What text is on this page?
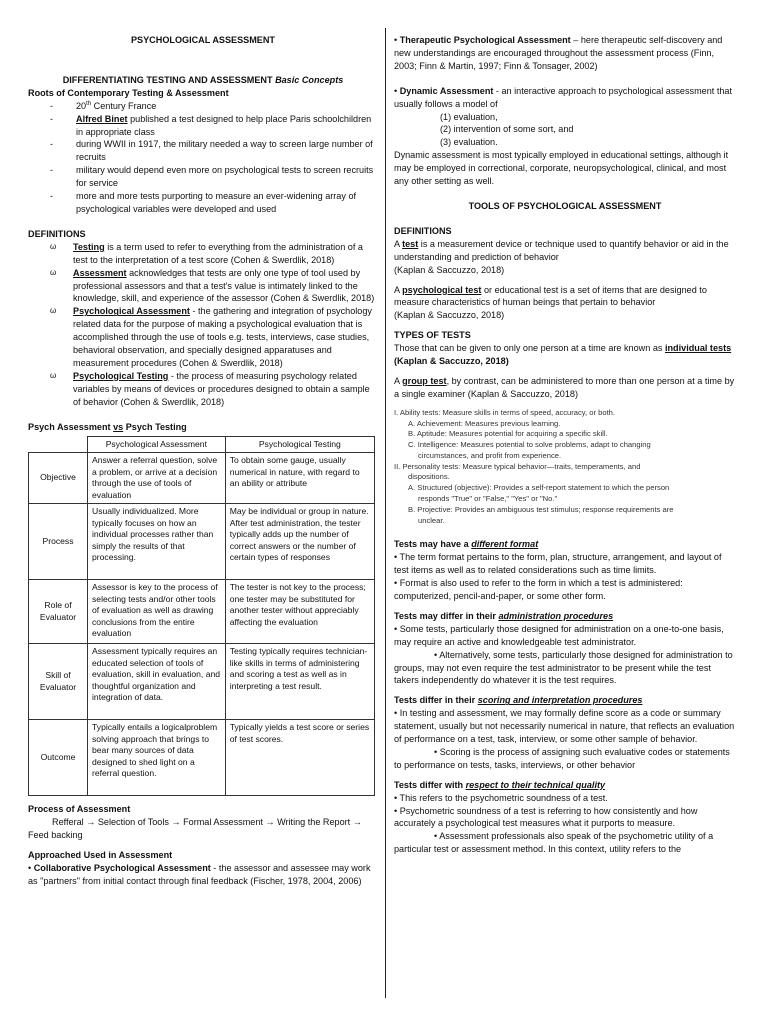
PSYCHOLOGICAL ASSESSMENT

DIFFERENTIATING TESTING AND ASSESSMENT Basic Concepts

Roots of Contemporary Testing & Assessment

- 20th Century France
- Alfred Binet published a test designed to help place Paris schoolchildren in appropriate class
- during WWII in 1917, the military needed a way to screen large number of recruits
- military would depend even more on psychological tests to screen recruits for service
- more and more tests purporting to measure an ever-widening array of psychological variables were developed and used

DEFINITIONS

ω Testing is a term used to refer to everything from the administration of a test to the interpretation of a test score (Cohen & Swerdlik, 2018)
ω Assessment acknowledges that tests are only one type of tool used by professional assessors and that a test's value is intimately linked to the knowledge, skill, and experience of the assessor (Cohen & Swerdlik, 2018)
ω Psychological Assessment - the gathering and integration of psychology related data for the purpose of making a psychological evaluation that is accomplished through the use of tools e.g. tests, interviews, case studies, behavioral observation, and specially designed apparatuses and measurement procedures (Cohen & Swerdlik, 2018)
ω Psychological Testing - the process of measuring psychology related variables by means of devices or procedures designed to obtain a sample of behavior (Cohen & Swerdlik, 2018)

Psych Assessment vs Psych Testing

	Psychological Assessment	Psychological Testing
Objective	Answer a referral question, solve a problem, or arrive at a decision through the use of tools of evaluation	To obtain some gauge, usually numerical in nature, with regard to an ability or attribute
Process	Usually individualized. More typically focuses on how an individual processes rather than simply the results of that processing.	May be individual or group in nature. After test administration, the tester typically adds up the number of correct answers or the number of certain types of responses
Role of Evaluator	Assessor is key to the process of selecting tests and/or other tools of evaluation as well as drawing conclusions from the entire evaluation	The tester is not key to the process; one tester may be substituted for another tester without appreciably affecting the evaluation
Skill of Evaluator	Assessment typically requires an educated selection of tools of evaluation, skill in evaluation, and thoughtful organization and integration of data.	Testing typically requires technician-like skills in terms of administering and scoring a test as well as in interpreting a test result.
Outcome	Typically entails a logicalproblem solving approach that brings to bear many sources of data designed to shed light on a referral question.	Typically yields a test score or series of test scores.

Process of Assessment

Refferal → Selection of Tools → Formal Assessment → Writing the Report → Feed backing

Approached Used in Assessment

• Collaborative Psychological Assessment - the assessor and assessee may work as "partners" from initial contact through final feedback (Fischer, 1978, 2004, 2006)

• Therapeutic Psychological Assessment – here therapeutic self-discovery and new understandings are encouraged throughout the assessment process (Finn, 2003; Finn & Martin, 1997; Finn & Tonsager, 2002)

• Dynamic Assessment - an interactive approach to psychological assessment that usually follows a model of

(1) evaluation,

(2) intervention of some sort, and

(3) evaluation.

Dynamic assessment is most typically employed in educational settings, although it may be employed in correctional, corporate, neuropsychological, clinical, and most any other setting as well.

TOOLS OF PSYCHOLOGICAL ASSESSMENT

DEFINITIONS

A test is a measurement device or technique used to quantify behavior or aid in the understanding and prediction of behavior

(Kaplan & Saccuzzo, 2018)

A psychological test or educational test is a set of items that are designed to measure characteristics of human beings that pertain to behavior

(Kaplan & Saccuzzo, 2018)

TYPES OF TESTS

Those that can be given to only one person at a time are known as individual tests (Kaplan & Saccuzzo, 2018)

A group test, by contrast, can be administered to more than one person at a time by a single examiner (Kaplan & Saccuzzo, 2018)

I. Ability tests: Measure skills in terms of speed, accuracy, or both.

A. Achievement: Measures previous learning.

B. Aptitude: Measures potential for acquiring a specific skill.

C. Intelligence: Measures potential to solve problems, adapt to changing

circumstances, and profit from experience.

II. Personality tests: Measure typical behavior—traits, temperaments, and

dispositions.

A. Structured (objective): Provides a self-report statement to which the person

responds "True" or "False," "Yes" or "No."

B. Projective: Provides an ambiguous test stimulus; response requirements are

unclear.

Tests may have a different format

• The term format pertains to the form, plan, structure, arrangement, and layout of test items as well as to related considerations such as time limits.

• Format is also used to refer to the form in which a test is administered: computerized, pencil-and-paper, or some other form.

Tests may differ in their administration procedures

• Some tests, particularly those designed for administration on a one-to-one basis, may require an active and knowledgeable test administrator.

• Alternatively, some tests, particularly those designed for administration to groups, may not even require the test administrator to be present while the test takers independently do whatever it is the test requires.

Tests differ in their scoring and interpretation procedures

• In testing and assessment, we may formally define score as a code or summary statement, usually but not necessarily numerical in nature, that reflects an evaluation of performance on a test, task, interview, or some other sample of behavior.

• Scoring is the process of assigning such evaluative codes or statements to performance on tests, tasks, interviews, or other behavior

Tests differ with respect to their technical quality

• This refers to the psychometric soundness of a test.

• Psychometric soundness of a test is referring to how consistently and how accurately a psychological test measures what it purports to measure.

• Assessment professionals also speak of the psychometric utility of a particular test or assessment method. In this context, utility refers to the
